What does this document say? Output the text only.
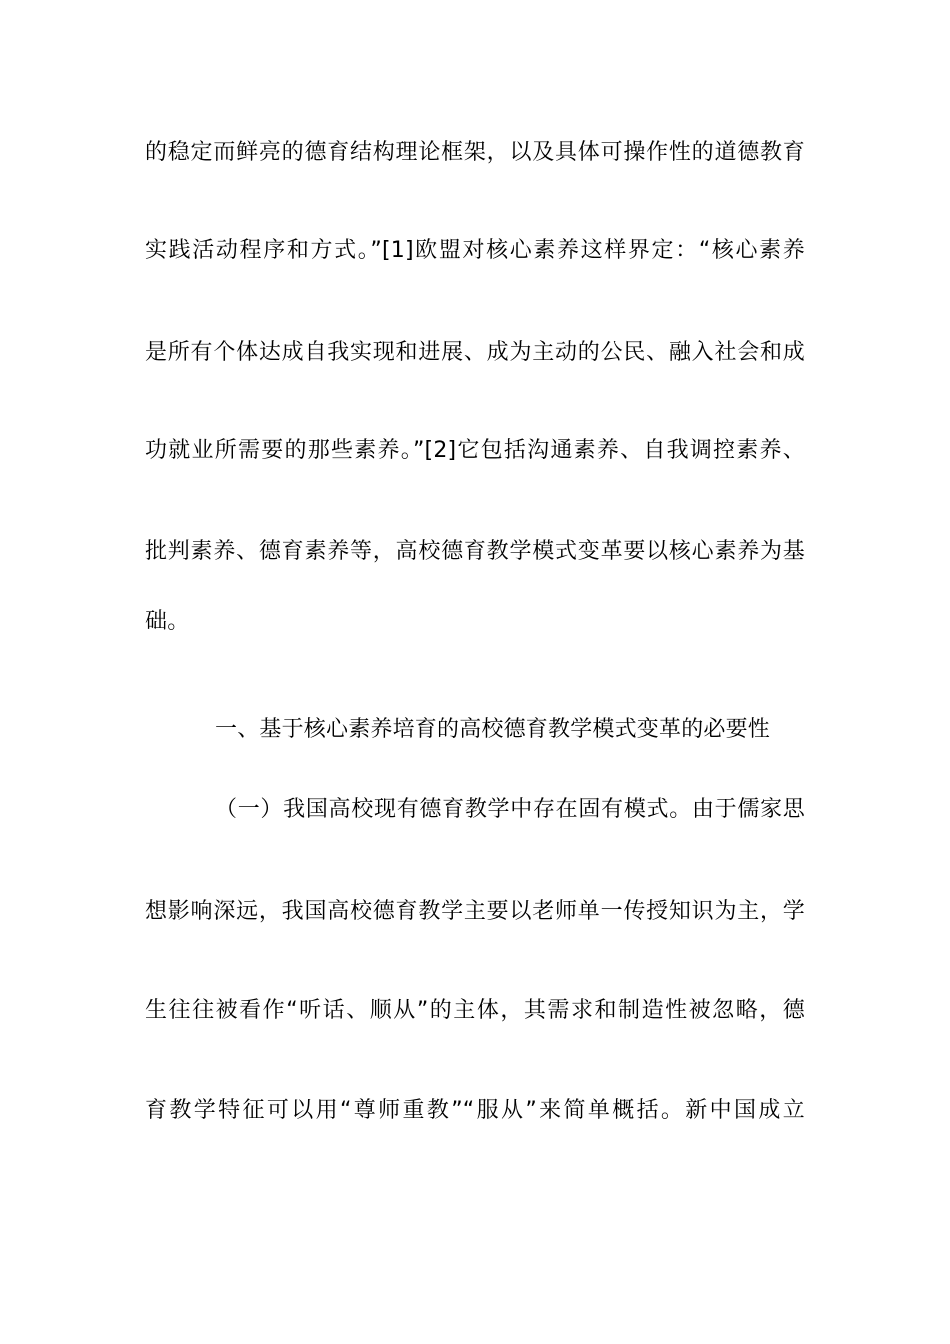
的稳定而鲜亮的德育结构理论框架，以及具体可操作性的道德教育
实践活动程序和方式。”[1]欧盟对核心素养这样界定：“核心素养
是所有个体达成自我实现和进展、成为主动的公民、融入社会和成
功就业所需要的那些素养。”[2]它包括沟通素养、自我调控素养、
批判素养、德育素养等，高校德育教学模式变革要以核心素养为基
础。
一、基于核心素养培育的高校德育教学模式变革的必要性
（一）我国高校现有德育教学中存在固有模式。由于儒家思
想影响深远，我国高校德育教学主要以老师单一传授知识为主，学
生往往被看作“听话、顺从”的主体，其需求和制造性被忽略，德
育教学特征可以用“尊师重教”“服从”来简单概括。新中国成立
